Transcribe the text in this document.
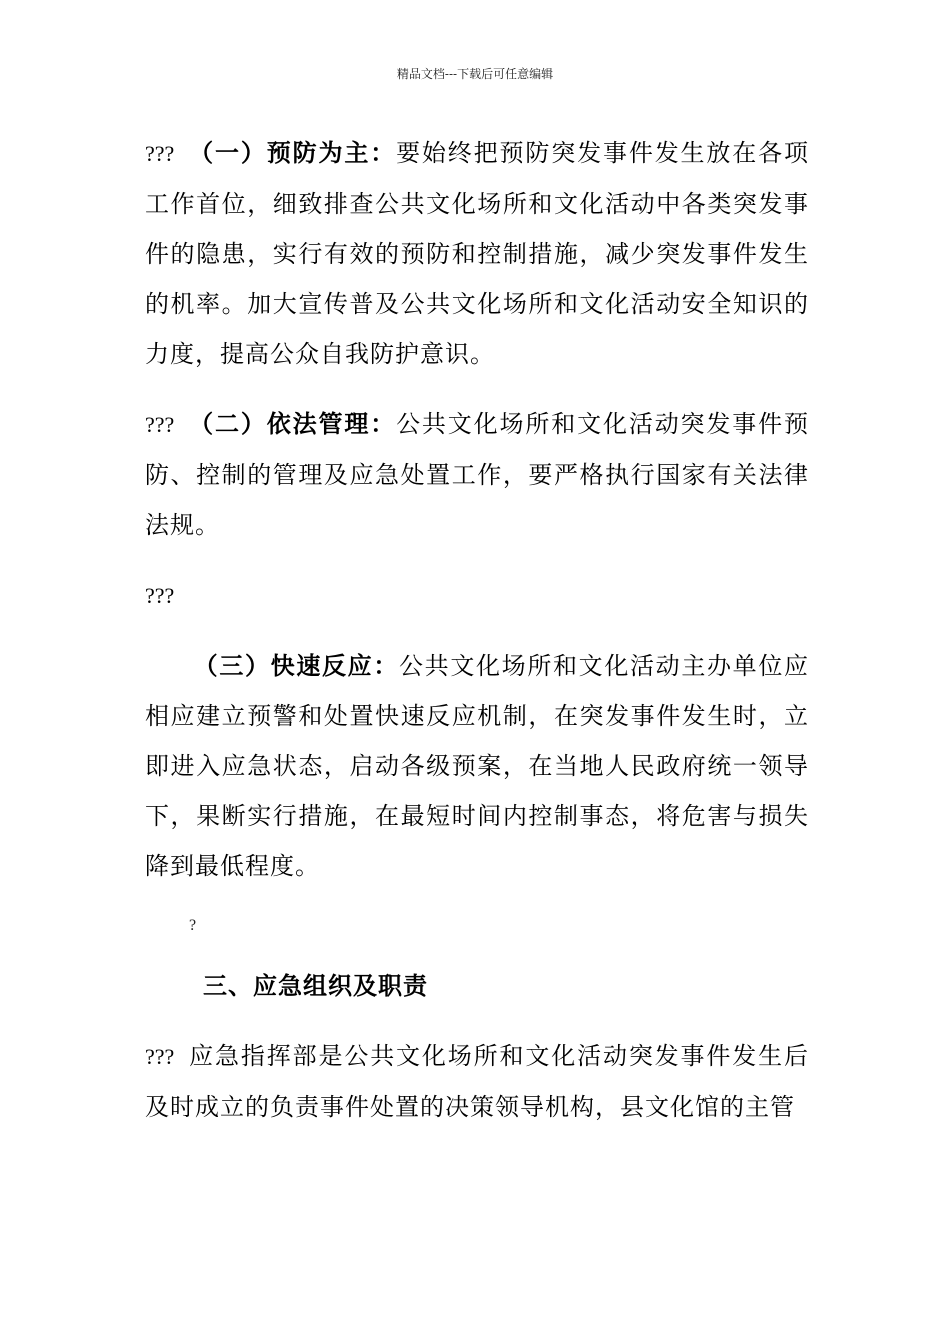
精品文档---下载后可任意编辑

??? （一）预防为主：要始终把预防突发事件发生放在各项工作首位，细致排查公共文化场所和文化活动中各类突发事件的隐患，实行有效的预防和控制措施，减少突发事件发生的机率。加大宣传普及公共文化场所和文化活动安全知识的力度，提高公众自我防护意识。

??? （二）依法管理：公共文化场所和文化活动突发事件预防、控制的管理及应急处置工作，要严格执行国家有关法律法规。

???

（三）快速反应：公共文化场所和文化活动主办单位应相应建立预警和处置快速反应机制，在突发事件发生时，立即进入应急状态，启动各级预案，在当地人民政府统一领导下，果断实行措施，在最短时间内控制事态，将危害与损失降到最低程度。

?

三、应急组织及职责

??? 应急指挥部是公共文化场所和文化活动突发事件发生后及时成立的负责事件处置的决策领导机构，县文化馆的主管
